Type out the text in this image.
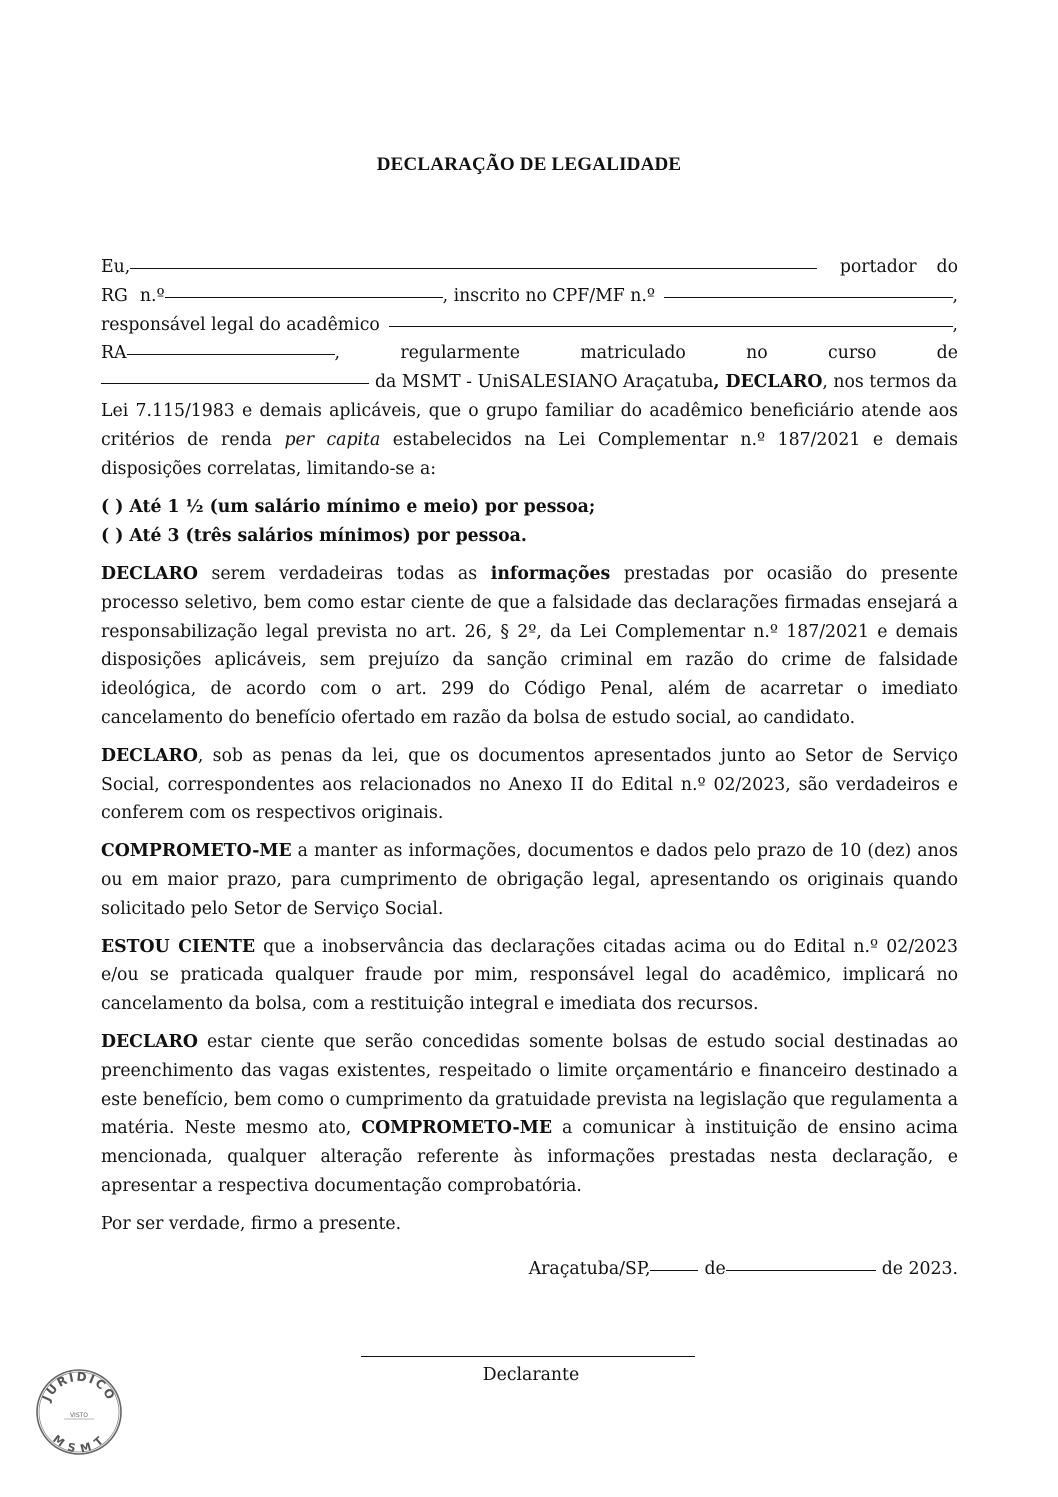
DECLARAÇÃO DE LEGALIDADE
Eu,	portador do
RG n.º	, inscrito no CPF/MF n.º	,
responsável legal do acadêmico	,
RA	,	regularmente	matriculado	no	curso	de
da MSMT - UniSALESIANO Araçatuba , DECLARO , nos termos da

Lei 7.115/1983 e demais aplicáveis, que o grupo familiar do acadêmico beneficiário atende aos critérios de renda per capita estabelecidos na Lei Complementar n.º 187/2021 e demais disposições correlatas, limitando-se a:

( ) Até 1 ½ (um salário mínimo e meio) por pessoa;

( ) Até 3 (três salários mínimos) por pessoa.

DECLARO serem verdadeiras todas as informações prestadas por ocasião do presente processo seletivo, bem como estar ciente de que a falsidade das declarações firmadas ensejará a responsabilização legal prevista no art. 26, § 2º, da Lei Complementar n.º 187/2021 e demais disposições aplicáveis, sem prejuízo da sanção criminal em razão do crime de falsidade ideológica, de acordo com o art. 299 do Código Penal, além de acarretar o imediato cancelamento do benefício ofertado em razão da bolsa de estudo social, ao candidato.

DECLARO, sob as penas da lei, que os documentos apresentados junto ao Setor de Serviço Social, correspondentes aos relacionados no Anexo II do Edital n.º 02/2023, são verdadeiros e conferem com os respectivos originais.

COMPROMETO-ME a manter as informações, documentos e dados pelo prazo de 10 (dez) anos ou em maior prazo, para cumprimento de obrigação legal, apresentando os originais quando solicitado pelo Setor de Serviço Social.

ESTOU CIENTE que a inobservância das declarações citadas acima ou do Edital n.º 02/2023 e/ou se praticada qualquer fraude por mim, responsável legal do acadêmico, implicará no cancelamento da bolsa, com a restituição integral e imediata dos recursos.

DECLARO estar ciente que serão concedidas somente bolsas de estudo social destinadas ao preenchimento das vagas existentes, respeitado o limite orçamentário e financeiro destinado a este benefício, bem como o cumprimento da gratuidade prevista na legislação que regulamenta a matéria. Neste mesmo ato, COMPROMETO-ME a comunicar à instituição de ensino acima mencionada, qualquer alteração referente às informações prestadas nesta declaração, e apresentar a respectiva documentação comprobatória.

Por ser verdade, firmo a presente.

Araçatuba/SP,	de	de 2023.
Declarante
JURÍDICO
VISTO
MSMT
